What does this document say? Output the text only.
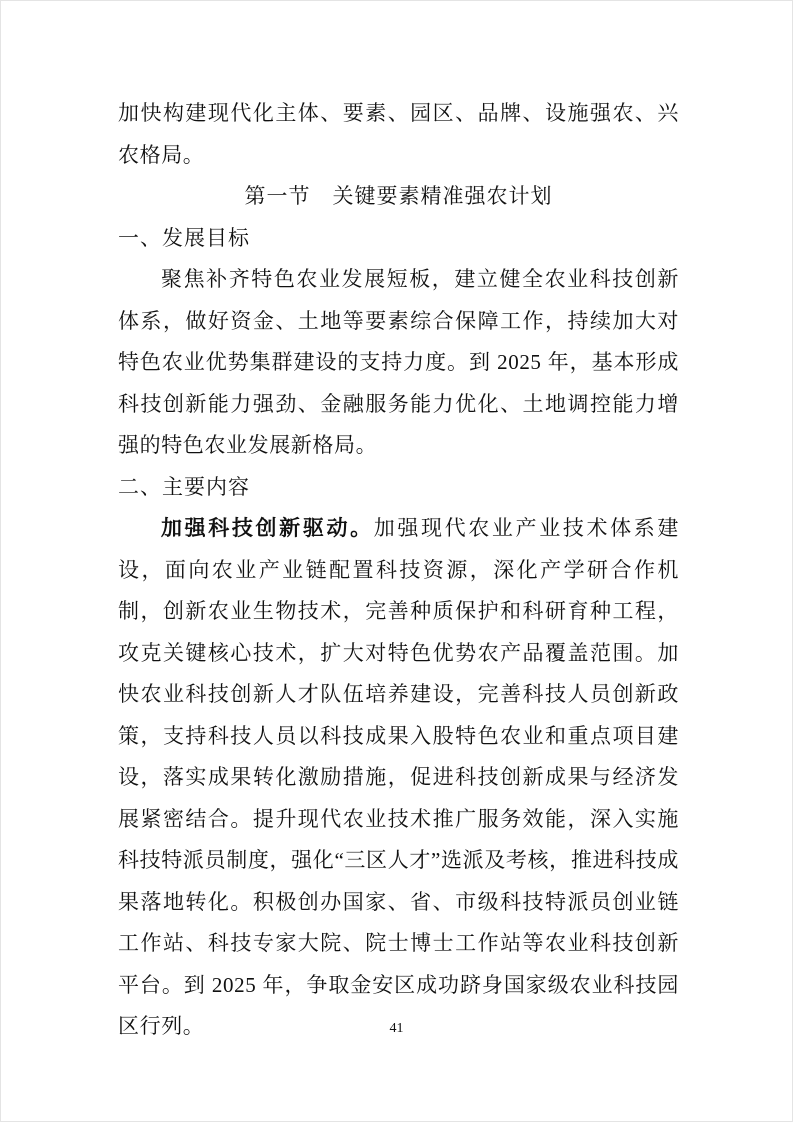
加快构建现代化主体、要素、园区、品牌、设施强农、兴农格局。

第一节　关键要素精准强农计划
一、发展目标

聚焦补齐特色农业发展短板，建立健全农业科技创新体系，做好资金、土地等要素综合保障工作，持续加大对特色农业优势集群建设的支持力度。到 2025 年，基本形成科技创新能力强劲、金融服务能力优化、土地调控能力增强的特色农业发展新格局。

二、主要内容

加强科技创新驱动。加强现代农业产业技术体系建设，面向农业产业链配置科技资源，深化产学研合作机制，创新农业生物技术，完善种质保护和科研育种工程，攻克关键核心技术，扩大对特色优势农产品覆盖范围。加快农业科技创新人才队伍培养建设，完善科技人员创新政策，支持科技人员以科技成果入股特色农业和重点项目建设，落实成果转化激励措施，促进科技创新成果与经济发展紧密结合。提升现代农业技术推广服务效能，深入实施科技特派员制度，强化“三区人才”选派及考核，推进科技成果落地转化。积极创办国家、省、市级科技特派员创业链工作站、科技专家大院、院士博士工作站等农业科技创新平台。到 2025 年，争取金安区成功跻身国家级农业科技园区行列。	41
